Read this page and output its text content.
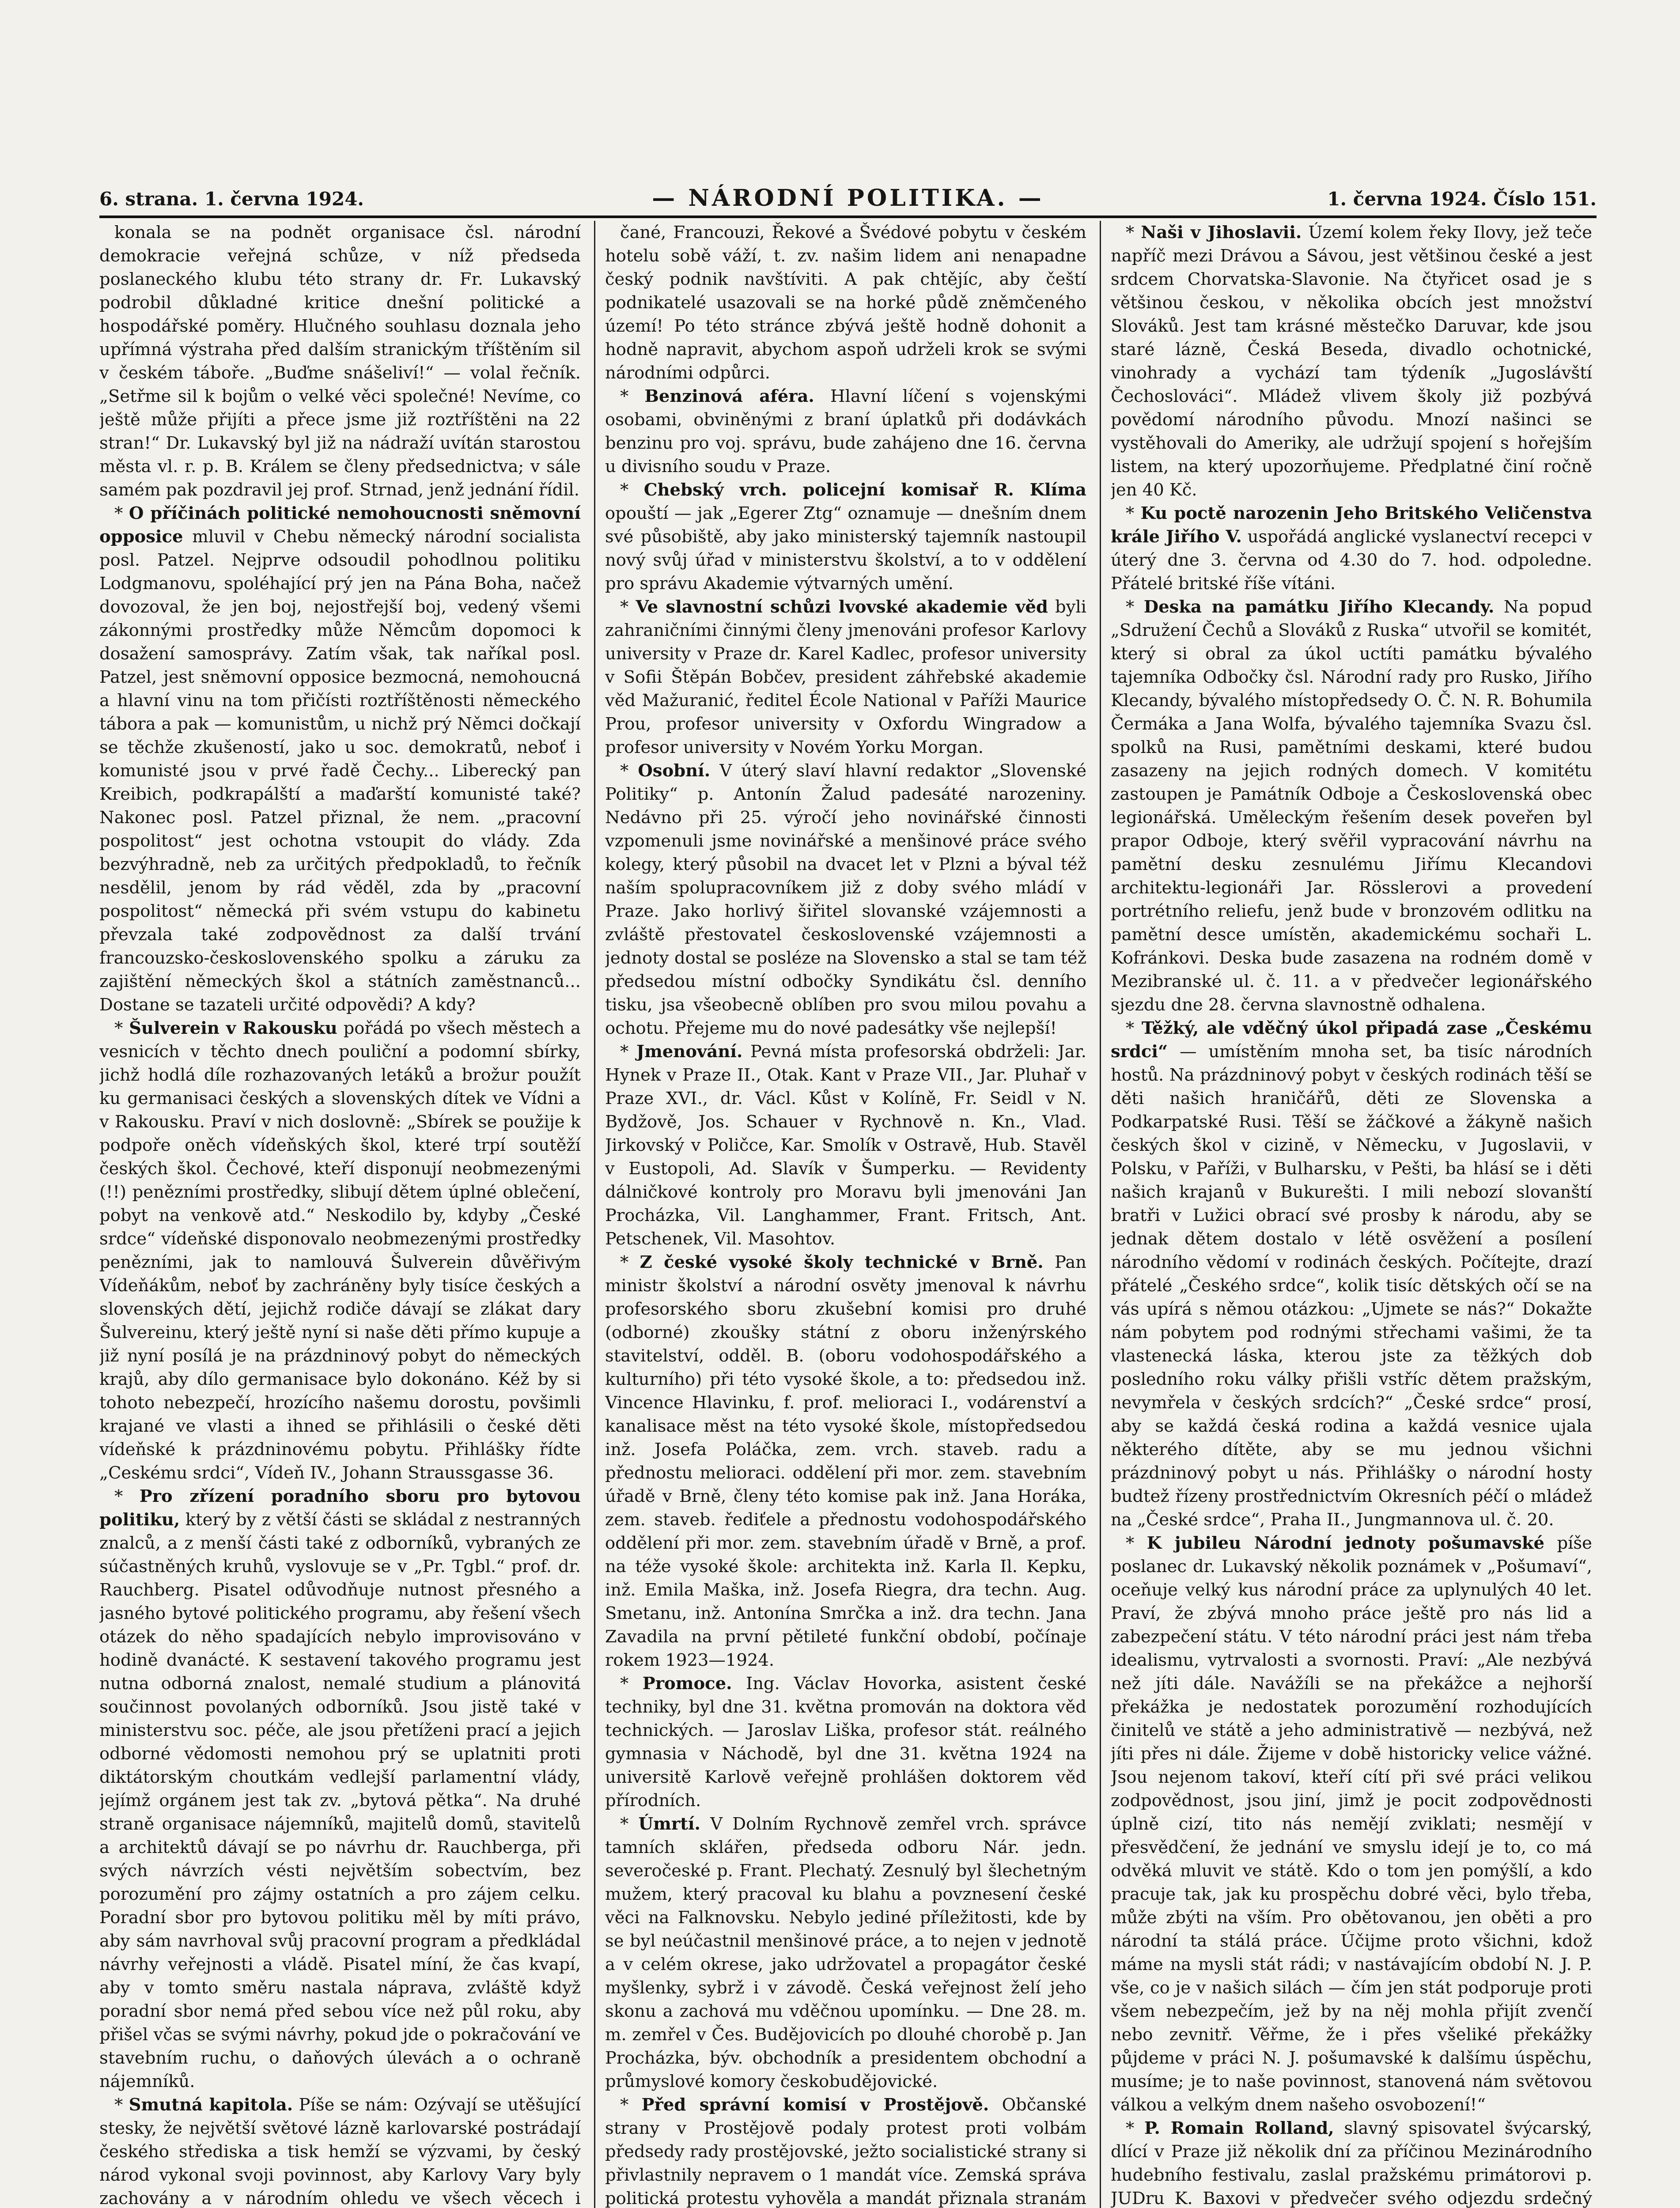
6. strana. 1. června 1924.	— NÁRODNÍ POLITIKA. —	1. června 1924. Číslo 151.

konala se na podnět organisace čsl. národní demokracie veřejná schůze, v níž předseda poslaneckého klubu této strany dr. Fr. Lukavský podrobil důkladné kritice dnešní politické a hospodářské poměry. Hlučného souhlasu doznala jeho upřímná výstraha před dalším stranickým tříštěním sil v českém táboře. „Buďme snášeliví!“ — volal řečník. „Setřme sil k bojům o velké věci společné! Nevíme, co ještě může přijíti a přece jsme již roztříštěni na 22 stran!“ Dr. Lukavský byl již na nádraží uvítán starostou města vl. r. p. B. Králem se členy předsednictva; v sále samém pak pozdravil jej prof. Strnad, jenž jednání řídil.

* O příčinách politické nemohoucnosti sněmovní opposice mluvil v Chebu německý národní socialista posl. Patzel. Nejprve odsoudil pohodlnou politiku Lodgmanovu, spoléhající prý jen na Pána Boha, načež dovozoval, že jen boj, nejostřejší boj, vedený všemi zákonnými prostředky může Němcům dopomoci k dosažení samosprávy. Zatím však, tak naříkal posl. Patzel, jest sněmovní opposice bezmocná, nemohoucná a hlavní vinu na tom přičísti roztříštěnosti německého tábora a pak — komunistům, u nichž prý Němci dočkají se těchže zkušeností, jako u soc. demokratů, neboť i komunisté jsou v prvé řadě Čechy... Liberecký pan Kreibich, podkrapálští a maďarští komunisté také? Nakonec posl. Patzel přiznal, že nem. „pracovní pospolitost“ jest ochotna vstoupit do vlády. Zda bezvýhradně, neb za určitých předpokladů, to řečník nesdělil, jenom by rád věděl, zda by „pracovní pospolitost“ německá při svém vstupu do kabinetu převzala také zodpovědnost za další trvání francouzsko-československého spolku a záruku za zajištění německých škol a státních zaměstnanců... Dostane se tazateli určité odpovědi? A kdy?

* Šulverein v Rakousku pořádá po všech městech a vesnicích v těchto dnech pouliční a podomní sbírky, jichž hodlá díle rozhazovaných letáků a brožur použít ku germanisaci českých a slovenských dítek ve Vídni a v Rakousku. Praví v nich doslovně: „Sbírek se použije k podpoře oněch vídeňských škol, které trpí soutěží českých škol. Čechové, kteří disponují neobmezenými (!!) penězními prostředky, slibují dětem úplné oblečení, pobyt na venkově atd.“ Neskodilo by, kdyby „České srdce“ vídeňské disponovalo neobmezenými prostředky penězními, jak to namlouvá Šulverein důvěřivým Vídeňákům, neboť by zachráněny byly tisíce českých a slovenských dětí, jejichž rodiče dávají se zlákat dary Šulvereinu, který ještě nyní si naše děti přímo kupuje a již nyní posílá je na prázdninový pobyt do německých krajů, aby dílo germanisace bylo dokonáno. Kéž by si tohoto nebezpečí, hrozícího našemu dorostu, povšimli krajané ve vlasti a ihned se přihlásili o české děti vídeňské k prázdninovému pobytu. Přihlášky řídte „Ceskému srdci“, Vídeň IV., Johann Straussgasse 36.

* Pro zřízení poradního sboru pro bytovou politiku, který by z větší části se skládal z nestranných znalců, a z menší části také z odborníků, vybraných ze súčastněných kruhů, vyslovuje se v „Pr. Tgbl.“ prof. dr. Rauchberg. Pisatel odůvodňuje nutnost přesného a jasného bytové politického programu, aby řešení všech otázek do něho spadajících nebylo improvisováno v hodině dvanácté. K sestavení takového programu jest nutna odborná znalost, nemalé studium a plánovitá součinnost povolaných odborníků. Jsou jistě také v ministerstvu soc. péče, ale jsou přetíženi prací a jejich odborné vědomosti nemohou prý se uplatniti proti diktátorským choutkám vedlejší parlamentní vlády, jejímž orgánem jest tak zv. „bytová pětka“. Na druhé straně organisace nájemníků, majitelů domů, stavitelů a architektů dávají se po návrhu dr. Rauchberga, při svých návrzích vésti největším sobectvím, bez porozumění pro zájmy ostatních a pro zájem celku. Poradní sbor pro bytovou politiku měl by míti právo, aby sám navrhoval svůj pracovní program a předkládal návrhy veřejnosti a vládě. Pisatel míní, že čas kvapí, aby v tomto směru nastala náprava, zvláště když poradní sbor nemá před sebou více než půl roku, aby přišel včas se svými návrhy, pokud jde o pokračování ve stavebním ruchu, o daňových úlevách a o ochraně nájemníků.

* Smutná kapitola. Píše se nám: Ozývají se utěšující stesky, že největší světové lázně karlovarské postrádají českého střediska a tisk hemží se výzvami, by český národ vykonal svoji povinnost, aby Karlovy Vary byly zachovány a v národním ohledu ve všech věcech i

čané, Francouzi, Řekové a Švédové pobytu v českém hotelu sobě váží, t. zv. našim lidem ani nenapadne český podnik navštíviti. A pak chtějíc, aby čeští podnikatelé usazovali se na horké půdě zněmčeného území! Po této stránce zbývá ještě hodně dohonit a hodně napravit, abychom aspoň udrželi krok se svými národními odpůrci.

* Benzinová aféra. Hlavní líčení s vojenskými osobami, obviněnými z braní úplatků při dodávkách benzinu pro voj. správu, bude zahájeno dne 16. června u divisního soudu v Praze.

* Chebský vrch. policejní komisař R. Klíma opouští — jak „Egerer Ztg“ oznamuje — dnešním dnem své působiště, aby jako ministerský tajemník nastoupil nový svůj úřad v ministerstvu školství, a to v oddělení pro správu Akademie výtvarných umění.

* Ve slavnostní schůzi lvovské akademie věd byli zahraničními činnými členy jmenováni profesor Karlovy university v Praze dr. Karel Kadlec, profesor university v Sofii Štěpán Bobčev, president záhřebské akademie věd Mažuranić, ředitel École National v Paříži Maurice Prou, profesor university v Oxfordu Wingradow a profesor university v Novém Yorku Morgan.

* Osobní. V úterý slaví hlavní redaktor „Slovenské Politiky“ p. Antonín Žalud padesáté narozeniny. Nedávno při 25. výročí jeho novinářské činnosti vzpomenuli jsme novinářské a menšinové práce svého kolegy, který působil na dvacet let v Plzni a býval též naším spolupracovníkem již z doby svého mládí v Praze. Jako horlivý šiřitel slovanské vzájemnosti a zvláště přestovatel československé vzájemnosti a jednoty dostal se posléze na Slovensko a stal se tam též předsedou místní odbočky Syndikátu čsl. denního tisku, jsa všeobecně oblíben pro svou milou povahu a ochotu. Přejeme mu do nové padesátky vše nejlepší!

* Jmenování. Pevná místa profesorská obdrželi: Jar. Hynek v Praze II., Otak. Kant v Praze VII., Jar. Pluhař v Praze XVI., dr. Václ. Kůst v Kolíně, Fr. Seidl v N. Bydžově, Jos. Schauer v Rychnově n. Kn., Vlad. Jirkovský v Poličce, Kar. Smolík v Ostravě, Hub. Stavěl v Eustopoli, Ad. Slavík v Šumperku. — Revidenty dálničkové kontroly pro Moravu byli jmenováni Jan Procházka, Vil. Langhammer, Frant. Fritsch, Ant. Petschenek, Vil. Masohtov.

* Z české vysoké školy technické v Brně. Pan ministr školství a národní osvěty jmenoval k návrhu profesorského sboru zkušební komisi pro druhé (odborné) zkoušky státní z oboru inženýrského stavitelství, odděl. B. (oboru vodohospodářského a kulturního) při této vysoké škole, a to: předsedou inž. Vincence Hlavinku, f. prof. melioraci I., vodárenství a kanalisace měst na této vysoké škole, místopředsedou inž. Josefa Poláčka, zem. vrch. staveb. radu a přednostu melioraci. oddělení při mor. zem. stavebním úřadě v Brně, členy této komise pak inž. Jana Horáka, zem. staveb. řediťele a přednostu vodohospodářského oddělení při mor. zem. stavebním úřadě v Brně, a prof. na téže vysoké škole: architekta inž. Karla Il. Kepku, inž. Emila Maška, inž. Josefa Riegra, dra techn. Aug. Smetanu, inž. Antonína Smrčka a inž. dra techn. Jana Zavadila na první pětileté funkční období, počínaje rokem 1923—1924.

* Promoce. Ing. Václav Hovorka, asistent české techniky, byl dne 31. května promován na doktora věd technických. — Jaroslav Liška, profesor stát. reálného gymnasia v Náchodě, byl dne 31. května 1924 na universitě Karlově veřejně prohlášen doktorem věd přírodních.

* Úmrtí. V Dolním Rychnově zemřel vrch. správce tamních sklářen, předseda odboru Nár. jedn. severočeské p. Frant. Plechatý. Zesnulý byl šlechetným mužem, který pracoval ku blahu a povznesení české věci na Falknovsku. Nebylo jediné příležitosti, kde by se byl neúčastnil menšinové práce, a to nejen v jednotě a v celém okrese, jako udržovatel a propagátor české myšlenky, sybrž i v závodě. Česká veřejnost želí jeho skonu a zachová mu vděčnou upomínku. — Dne 28. m. m. zemřel v Čes. Budějovicích po dlouhé chorobě p. Jan Procházka, býv. obchodník a presidentem obchodní a průmyslové komory českobudějovické.

* Před správní komisí v Prostějově. Občanské strany v Prostějově podaly protest proti volbám předsedy rady prostějovské, ježto socialistické strany si přivlastnily nepravem o 1 mandát více. Zemská správa politická protestu vyhověla a mandát přiznala stranám

* Naši v Jihoslavii. Území kolem řeky Ilovy, jež teče napříč mezi Drávou a Sávou, jest většinou české a jest srdcem Chorvatska-Slavonie. Na čtyřicet osad je s většinou českou, v několika obcích jest množství Slováků. Jest tam krásné městečko Daruvar, kde jsou staré lázně, Česká Beseda, divadlo ochotnické, vinohrady a vychází tam týdeník „Jugoslávští Čechoslováci“. Mládež vlivem školy již pozbývá povědomí národního původu. Mnozí našinci se vystěhovali do Ameriky, ale udržují spojení s hořejším listem, na který upozorňujeme. Předplatné činí ročně jen 40 Kč.

* Ku poctě narozenin Jeho Britského Veličenstva krále Jiřího V. uspořádá anglické vyslanectví recepci v úterý dne 3. června od 4.30 do 7. hod. odpoledne. Přátelé britské říše vítáni.

* Deska na památku Jiřího Klecandy. Na popud „Sdružení Čechů a Slováků z Ruska“ utvořil se komitét, který si obral za úkol uctíti památku bývalého tajemníka Odbočky čsl. Národní rady pro Rusko, Jiřího Klecandy, bývalého místopředsedy O. Č. N. R. Bohumila Čermáka a Jana Wolfa, bývalého tajemníka Svazu čsl. spolků na Rusi, pamětními deskami, které budou zasazeny na jejich rodných domech. V komitétu zastoupen je Památník Odboje a Československá obec legionářská. Uměleckým řešením desek poveřen byl prapor Odboje, který svěřil vypracování návrhu na pamětní desku zesnulému Jiřímu Klecandovi architektu-legionáři Jar. Rösslerovi a provedení portrétního reliefu, jenž bude v bronzovém odlitku na pamětní desce umístěn, akademickému sochaři L. Kofránkovi. Deska bude zasazena na rodném domě v Mezibranské ul. č. 11. a v předvečer legionářského sjezdu dne 28. června slavnostně odhalena.

* Těžký, ale vděčný úkol připadá zase „Českému srdci“ — umístěním mnoha set, ba tisíc národních hostů. Na prázdninový pobyt v českých rodinách těší se děti našich hraničářů, děti ze Slovenska a Podkarpatské Rusi. Těší se žáčkové a žákyně našich českých škol v cizině, v Německu, v Jugoslavii, v Polsku, v Paříži, v Bulharsku, v Pešti, ba hlásí se i děti našich krajanů v Bukurešti. I mili nebozí slovanští bratři v Lužici obrací své prosby k národu, aby se jednak dětem dostalo v létě osvěžení a posílení národního vědomí v rodinách českých. Počítejte, drazí přátelé „Českého srdce“, kolik tisíc dětských očí se na vás upírá s němou otázkou: „Ujmete se nás?“ Dokažte nám pobytem pod rodnými střechami vašimi, že ta vlastenecká láska, kterou jste za těžkých dob posledního roku války přišli vstříc dětem pražským, nevymřela v českých srdcích?“ „České srdce“ prosí, aby se každá česká rodina a každá vesnice ujala některého dítěte, aby se mu jednou všichni prázdninový pobyt u nás. Přihlášky o národní hosty budtež řízeny prostřednictvím Okresních péčí o mládež na „České srdce“, Praha II., Jungmannova ul. č. 20.

* K jubileu Národní jednoty pošumavské píše poslanec dr. Lukavský několik poznámek v „Pošumaví“, oceňuje velký kus národní práce za uplynulých 40 let. Praví, že zbývá mnoho práce ještě pro nás lid a zabezpečení státu. V této národní práci jest nám třeba idealismu, vytrvalosti a svornosti. Praví: „Ale nezbývá než jíti dále. Navážíli se na překážce a nejhorší překážka je nedostatek porozumění rozhodujících činitelů ve státě a jeho administrativě — nezbývá, než jíti přes ni dále. Žijeme v době historicky velice vážné. Jsou nejenom takoví, kteří cítí při své práci velikou zodpovědnost, jsou jiní, jimž je pocit zodpovědnosti úplně cizí, tito nás nemějí zviklati; nesmějí v přesvědčení, že jednání ve smyslu idejí je to, co má odvěká mluvit ve státě. Kdo o tom jen pomýšlí, a kdo pracuje tak, jak ku prospěchu dobré věci, bylo třeba, může zbýti na vším. Pro obětovanou, jen oběti a pro národní ta stálá práce. Účijme proto všichni, kdož máme na mysli stát rádi; v nastávajícím období N. J. P. vše, co je v našich silách — čím jen stát podporuje proti všem nebezpečím, jež by na něj mohla přijít zvenčí nebo zevnitř. Věřme, že i přes všeliké překážky půjdeme v práci N. J. pošumavské k dalšímu úspěchu, musíme; je to naše povinnost, stanovená nám světovou válkou a velkým dnem našeho osvobození!“

* P. Romain Rolland, slavný spisovatel švýcarský, dlící v Praze již několik dní za příčinou Mezinárodního hudebního festivalu, zaslal pražskému primátorovi p. JUDru K. Baxovi v předvečer svého odjezdu srdečný
